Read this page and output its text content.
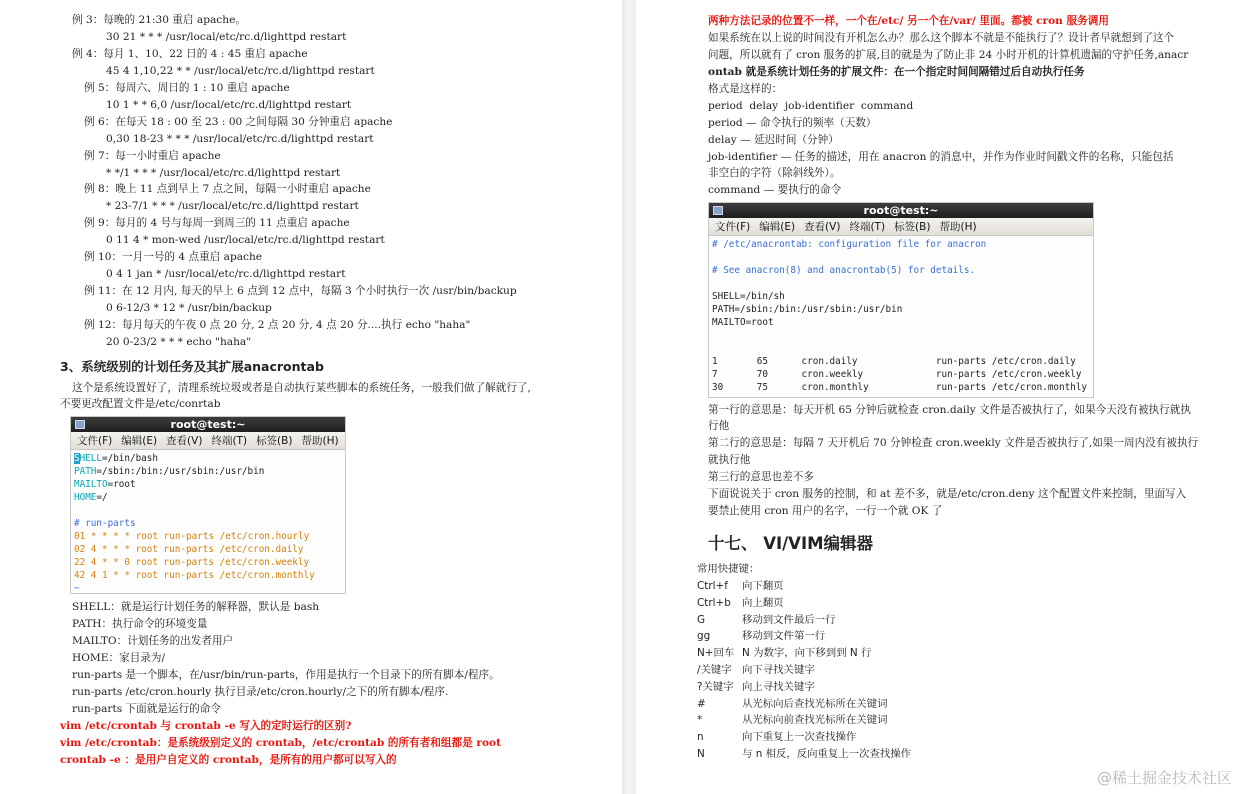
例 3：每晚的 21:30 重启 apache。
30 21 * * * /usr/local/etc/rc.d/lighttpd restart
例 4：每月 1、10、22 日的 4 : 45 重启 apache
45 4 1,10,22 * * /usr/local/etc/rc.d/lighttpd restart
例 5：每周六、周日的 1 : 10 重启 apache
10 1 * * 6,0 /usr/local/etc/rc.d/lighttpd restart
例 6：在每天 18 : 00 至 23 : 00 之间每隔 30 分钟重启 apache
0,30 18-23 * * * /usr/local/etc/rc.d/lighttpd restart
例 7：每一小时重启 apache
* */1 * * * /usr/local/etc/rc.d/lighttpd restart
例 8：晚上 11 点到早上 7 点之间，每隔一小时重启 apache
* 23-7/1 * * * /usr/local/etc/rc.d/lighttpd restart
例 9：每月的 4 号与每周一到周三的 11 点重启 apache
0 11 4 * mon-wed /usr/local/etc/rc.d/lighttpd restart
例 10：一月一号的 4 点重启 apache
0 4 1 jan * /usr/local/etc/rc.d/lighttpd restart
例 11：在 12 月内, 每天的早上 6 点到 12 点中，每隔 3 个小时执行一次 /usr/bin/backup
0 6-12/3 * 12 * /usr/bin/backup
例 12：每月每天的午夜 0 点 20 分, 2 点 20 分, 4 点 20 分....执行 echo "haha"
20 0-23/2 * * * echo "haha"
3、系统级别的计划任务及其扩展anacrontab
这个是系统设置好了，清理系统垃圾或者是自动执行某些脚本的系统任务，一般我们做了解就行了,
不要更改配置文件是/etc/conrtab
root@test:~
文件(F) 编辑(E) 查看(V) 终端(T) 标签(B) 帮助(H)
SHELL=/bin/bash
PATH=/sbin:/bin:/usr/sbin:/usr/bin
MAILTO=root
HOME=/

# run-parts
01 * * * * root run-parts /etc/cron.hourly
02 4 * * * root run-parts /etc/cron.daily
22 4 * * 0 root run-parts /etc/cron.weekly
42 4 1 * * root run-parts /etc/cron.monthly
~
SHELL：就是运行计划任务的解释器，默认是 bash
PATH：执行命令的环境变量
MAILTO：计划任务的出发者用户
HOME：家目录为/
run-parts 是一个脚本，在/usr/bin/run-parts，作用是执行一个目录下的所有脚本/程序。
run-parts /etc/cron.hourly 执行目录/etc/cron.hourly/之下的所有脚本/程序.
run-parts 下面就是运行的命令
vim /etc/crontab 与 crontab -e 写入的定时运行的区别?
vim /etc/crontab：是系统级别定义的 crontab，/etc/crontab 的所有者和组都是 root
crontab -e ：是用户自定义的 crontab，是所有的用户都可以写入的
两种方法记录的位置不一样，一个在/etc/ 另一个在/var/ 里面。都被 cron 服务调用
如果系统在以上说的时间没有开机怎么办？那么这个脚本不就是不能执行了？设计者早就想到了这个
问题，所以就有了 cron 服务的扩展,目的就是为了防止非 24 小时开机的计算机遗漏的守护任务,anacr
ontab 就是系统计划任务的扩展文件：在一个指定时间间隔错过后自动执行任务
格式是这样的：
period  delay  job-identifier  command
period — 命令执行的频率（天数）
delay — 延迟时间（分钟）
job-identifier — 任务的描述，用在 anacron 的消息中，并作为作业时间戳文件的名称，只能包括
非空白的字符（除斜线外）。
command — 要执行的命令
root@test:~
文件(F) 编辑(E) 查看(V) 终端(T) 标签(B) 帮助(H)
# /etc/anacrontab: configuration file for anacron

# See anacron(8) and anacrontab(5) for details.

SHELL=/bin/sh
PATH=/sbin:/bin:/usr/sbin:/usr/bin
MAILTO=root

1       65      cron.daily              run-parts /etc/cron.daily
7       70      cron.weekly             run-parts /etc/cron.weekly
30      75      cron.monthly            run-parts /etc/cron.monthly
第一行的意思是：每天开机 65 分钟后就检查 cron.daily 文件是否被执行了，如果今天没有被执行就执
行他
第二行的意思是：每隔 7 天开机后 70 分钟检查 cron.weekly 文件是否被执行了,如果一周内没有被执行
就执行他
第三行的意思也差不多
下面说说关于 cron 服务的控制，和 at 差不多，就是/etc/cron.deny 这个配置文件来控制，里面写入
要禁止使用 cron 用户的名字，一行一个就 OK 了
十七、 VI/VIM编辑器
常用快捷键：
Ctrl+f 向下翻页
Ctrl+b 向上翻页
G	移动到文件最后一行
gg	移动到文件第一行
N+回车 N 为数字，向下移到到 N 行
/关键字 向下寻找关键字
?关键字 向上寻找关键字
#	从光标向后查找光标所在关键词
*	从光标向前查找光标所在关键词
n	向下重复上一次查找操作
N	与 n 相反，反向重复上一次查找操作
@稀土掘金技术社区
